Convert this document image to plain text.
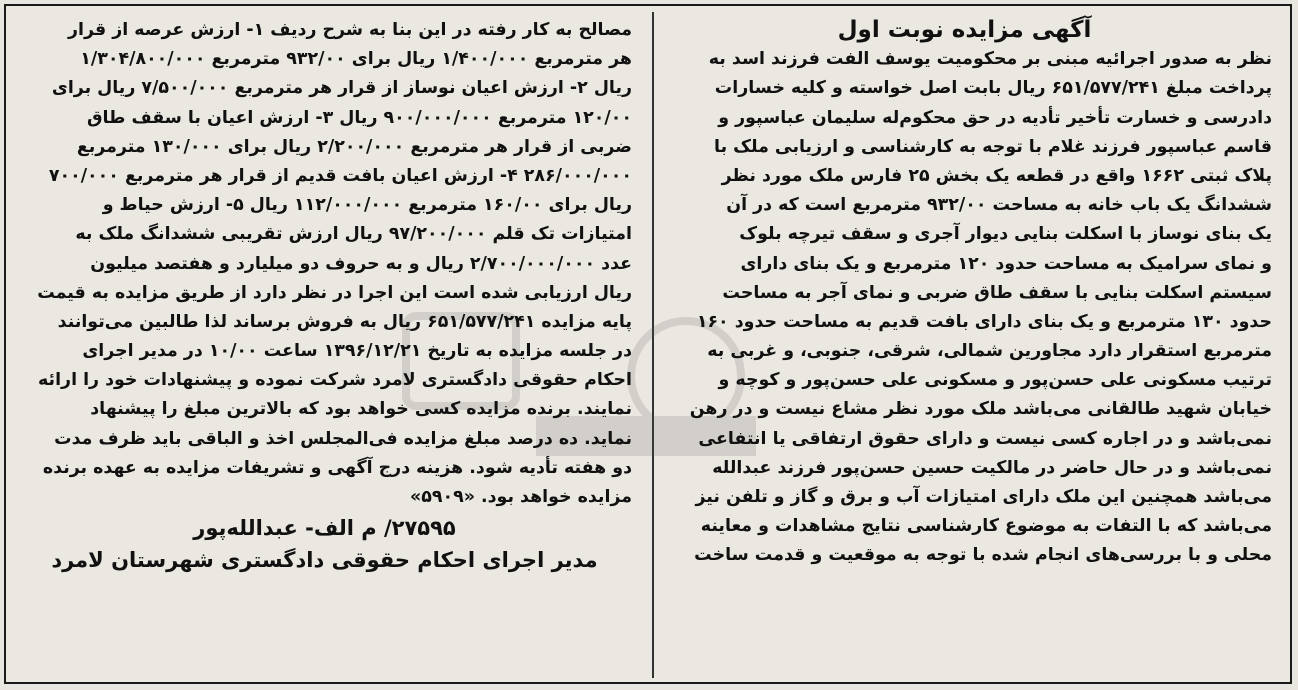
آگهی مزایده نوبت اول
نظر به صدور اجرائیه مبنی بر محکومیت یوسف الفت فرزند اسد به
پرداخت مبلغ ۶۵۱/۵۷۷/۲۴۱ ریال بابت اصل خواسته و کلیه خسارات
دادرسی و خسارت تأخیر تأدیه در حق محکوم‌له سلیمان عباسپور و
قاسم عباسپور فرزند غلام با توجه به کارشناسی و ارزیابی ملک با
پلاک ثبتی ۱۶۶۲ واقع در قطعه یک بخش ۲۵ فارس ملک مورد نظر
ششدانگ یک باب خانه به مساحت ۹۳۲/۰۰ مترمربع است که در آن
یک بنای نوساز با اسکلت بنایی دیوار آجری و سقف تیرچه بلوک
و نمای سرامیک به مساحت حدود ۱۲۰ مترمربع و یک بنای دارای
سیستم اسکلت بنایی با سقف طاق ضربی و نمای آجر به مساحت
حدود ۱۳۰ مترمربع و یک بنای دارای بافت قدیم به مساحت حدود ۱۶۰
مترمربع استقرار دارد مجاورین شمالی، شرقی، جنوبی، و غربی به
ترتیب مسکونی علی حسن‌پور و مسکونی علی حسن‌پور و کوچه و
خیابان شهید طالقانی می‌باشد ملک مورد نظر مشاع نیست و در رهن
نمی‌باشد و در اجاره کسی نیست و دارای حقوق ارتفاقی یا انتفاعی
نمی‌باشد و در حال حاضر در مالکیت حسین حسن‌پور فرزند عبدالله
می‌باشد همچنین این ملک دارای امتیازات آب و برق و گاز و تلفن نیز
می‌باشد که با التفات به موضوع کارشناسی نتایج مشاهدات و معاینه
محلی و با بررسی‌های انجام شده با توجه به موقعیت و قدمت ساخت
مصالح به کار رفته در این بنا به شرح ردیف ۱- ارزش عرصه از قرار
هر مترمربع ۱/۴۰۰/۰۰۰ ریال برای ۹۳۲/۰۰ مترمربع ۱/۳۰۴/۸۰۰/۰۰۰
ریال ۲- ارزش اعیان نوساز از قرار هر مترمربع ۷/۵۰۰/۰۰۰ ریال برای
۱۲۰/۰۰ مترمربع ۹۰۰/۰۰۰/۰۰۰ ریال ۳- ارزش اعیان با سقف طاق
ضربی از قرار هر مترمربع ۲/۲۰۰/۰۰۰ ریال برای ۱۳۰/۰۰۰ مترمربع
۲۸۶/۰۰۰/۰۰۰ ۴- ارزش اعیان بافت قدیم از قرار هر مترمربع ۷۰۰/۰۰۰
ریال برای ۱۶۰/۰۰ مترمربع ۱۱۲/۰۰۰/۰۰۰ ریال ۵- ارزش حیاط و
امتیازات تک قلم ۹۷/۲۰۰/۰۰۰ ریال ارزش تقریبی ششدانگ ملک به
عدد ۲/۷۰۰/۰۰۰/۰۰۰ ریال و به حروف دو میلیارد و هفتصد میلیون
ریال ارزیابی شده است این اجرا در نظر دارد از طریق مزایده به قیمت
پایه مزایده ۶۵۱/۵۷۷/۲۴۱ ریال به فروش برساند لذا طالبین می‌توانند
در جلسه مزایده به تاریخ ۱۳۹۶/۱۲/۲۱ ساعت ۱۰/۰۰ در مدیر اجرای
احکام حقوقی دادگستری لامرد شرکت نموده و پیشنهادات خود را ارائه
نمایند. برنده مزایده کسی خواهد بود که بالاترین مبلغ را پیشنهاد
نماید. ده درصد مبلغ مزایده فی‌المجلس اخذ و الباقی باید ظرف مدت
دو هفته تأدیه شود. هزینه درج آگهی و تشریفات مزایده به عهده برنده
مزایده خواهد بود. «۵۹۰۹»
۲۷۵۹۵/ م الف- عبدالله‌پور
مدیر اجرای احکام حقوقی دادگستری شهرستان لامرد
